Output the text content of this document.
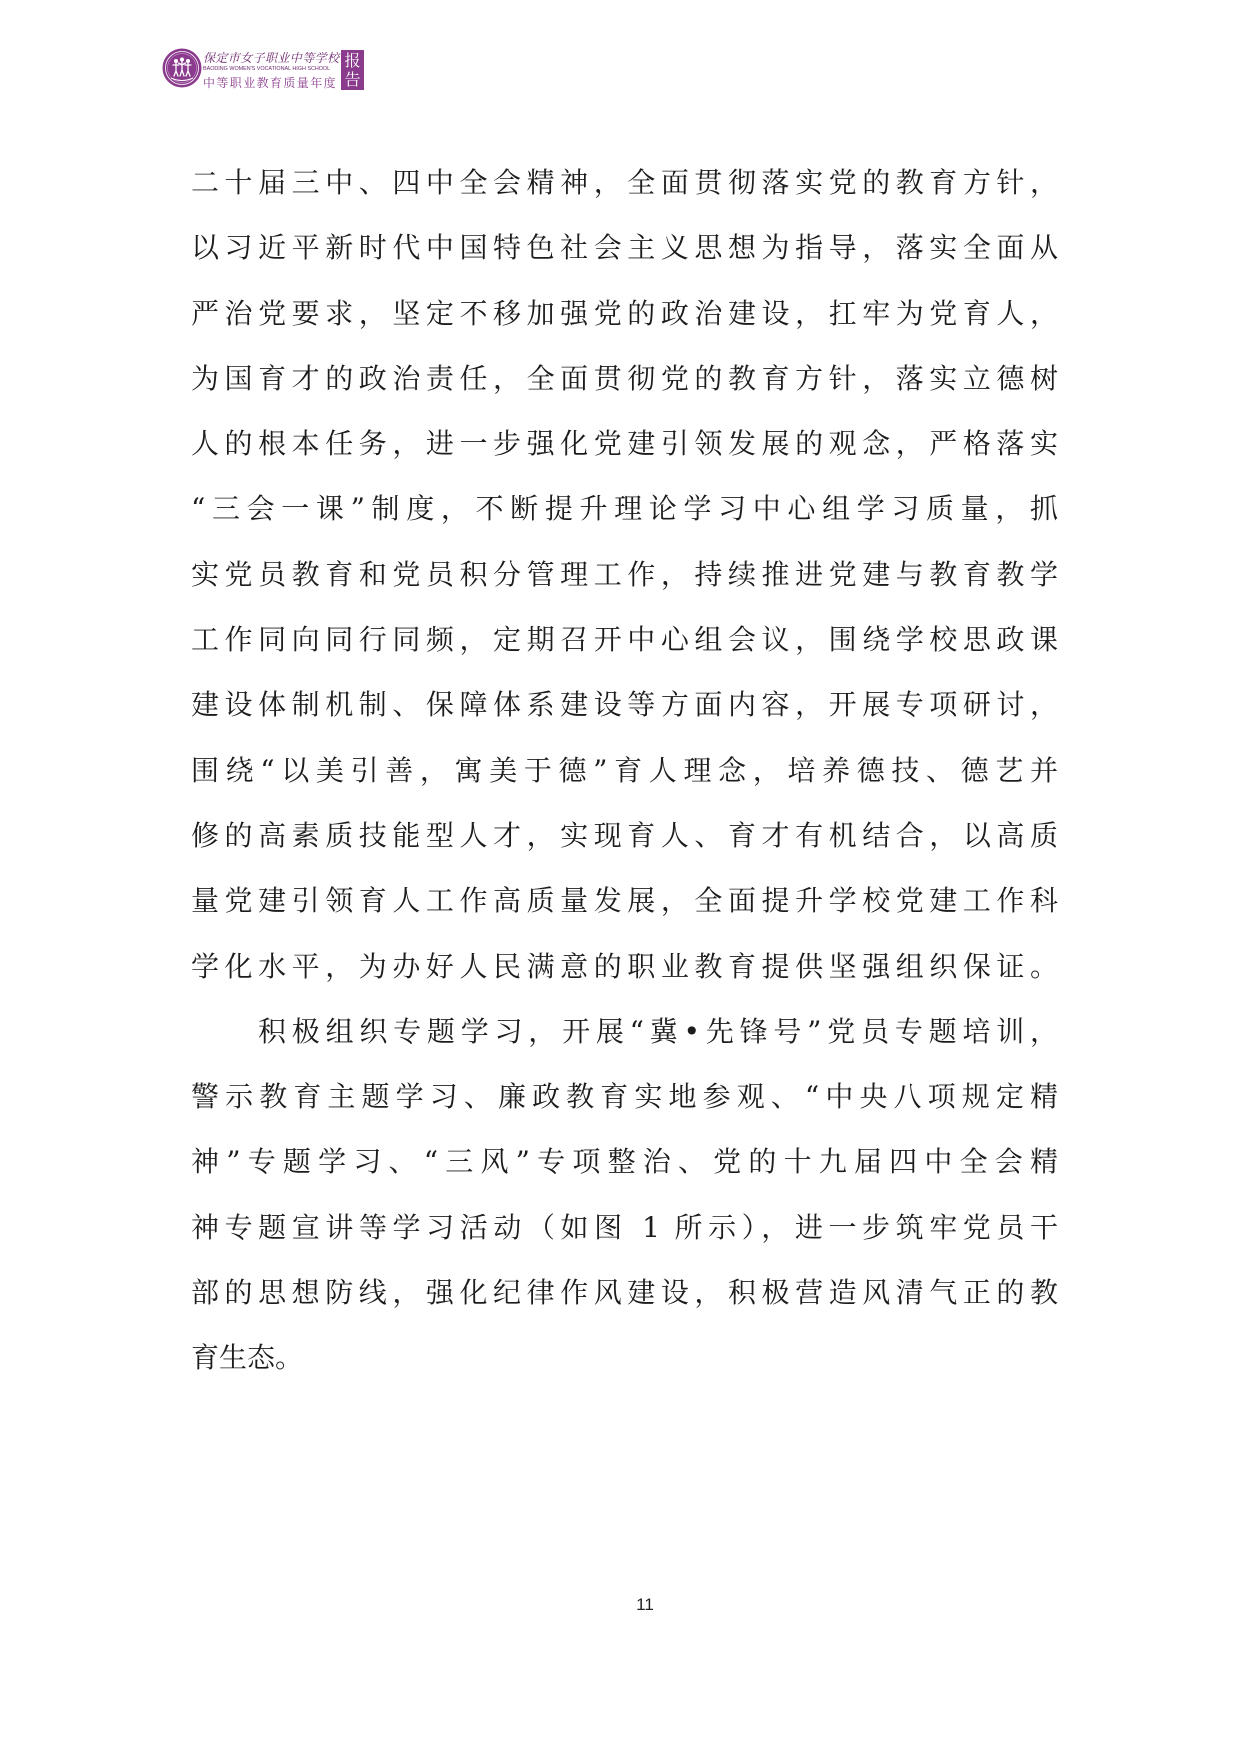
保定市女子职业中等学校
BAODING WOMEN'S VOCATIONAL HIGH SCHOOL
中等职业教育质量年度
报
告
二十届三中、四中全会精神，全面贯彻落实党的教育方针，
以习近平新时代中国特色社会主义思想为指导，落实全面从
严治党要求，坚定不移加强党的政治建设，扛牢为党育人，
为国育才的政治责任，全面贯彻党的教育方针，落实立德树
人的根本任务，进一步强化党建引领发展的观念，严格落实
“三会一课”制度，不断提升理论学习中心组学习质量，抓
实党员教育和党员积分管理工作，持续推进党建与教育教学
工作同向同行同频，定期召开中心组会议，围绕学校思政课
建设体制机制、保障体系建设等方面内容，开展专项研讨，
围绕“以美引善，寓美于德”育人理念，培养德技、德艺并
修的高素质技能型人才，实现育人、育才有机结合，以高质
量党建引领育人工作高质量发展，全面提升学校党建工作科
学化水平，为办好人民满意的职业教育提供坚强组织保证。
积极组织专题学习，开展“冀•先锋号”党员专题培训，
警示教育主题学习、廉政教育实地参观、“中央八项规定精
神”专题学习、“三风”专项整治、党的十九届四中全会精
神专题宣讲等学习活动（如图 1 所示），进一步筑牢党员干
部的思想防线，强化纪律作风建设，积极营造风清气正的教
育生态。
11
